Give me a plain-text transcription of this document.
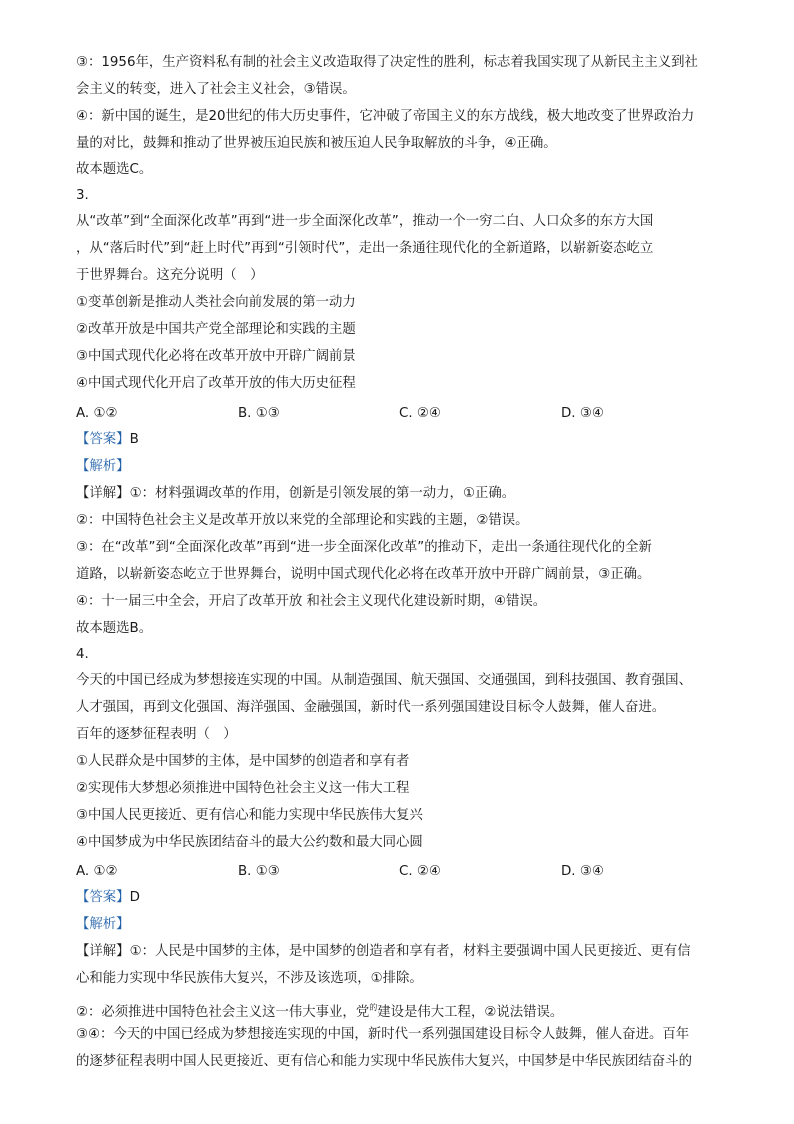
③：1956年，生产资料私有制的社会主义改造取得了决定性的胜利，标志着我国实现了从新民主主义到社
会主义的转变，进入了社会主义社会，③错误。
④：新中国的诞生，是20世纪的伟大历史事件，它冲破了帝国主义的东方战线，极大地改变了世界政治力
量的对比，鼓舞和推动了世界被压迫民族和被压迫人民争取解放的斗争，④正确。
故本题选C。
3.
从“改革”到“全面深化改革”再到“进一步全面深化改革”，推动一个一穷二白、人口众多的东方大国
，从“落后时代”到“赶上时代”再到“引领时代”，走出一条通往现代化的全新道路，以崭新姿态屹立
于世界舞台。这充分说明（　）
①变革创新是推动人类社会向前发展的第一动力
②改革开放是中国共产党全部理论和实践的主题
③中国式现代化必将在改革开放中开辟广阔前景
④中国式现代化开启了改革开放的伟大历史征程
A. ①②	B. ①③	C. ②④	D. ③④
【答案】B
【解析】
【详解】①：材料强调改革的作用，创新是引领发展的第一动力，①正确。
②：中国特色社会主义是改革开放以来党的全部理论和实践的主题，②错误。
③：在“改革”到“全面深化改革”再到“进一步全面深化改革”的推动下，走出一条通往现代化的全新
道路，以崭新姿态屹立于世界舞台，说明中国式现代化必将在改革开放中开辟广阔前景，③正确。
④：十一届三中全会，开启了改革开放 和社会主义现代化建设新时期，④错误。
故本题选B。
4.
今天的中国已经成为梦想接连实现的中国。从制造强国、航天强国、交通强国，到科技强国、教育强国、
人才强国，再到文化强国、海洋强国、金融强国，新时代一系列强国建设目标令人鼓舞，催人奋进。
百年的逐梦征程表明（　）
①人民群众是中国梦的主体，是中国梦的创造者和享有者
②实现伟大梦想必须推进中国特色社会主义这一伟大工程
③中国人民更接近、更有信心和能力实现中华民族伟大复兴
④中国梦成为中华民族团结奋斗的最大公约数和最大同心圆
A. ①②	B. ①③	C. ②④	D. ③④
【答案】D
【解析】
【详解】①：人民是中国梦的主体，是中国梦的创造者和享有者，材料主要强调中国人民更接近、更有信
心和能力实现中华民族伟大复兴，不涉及该选项，①排除。
②：必须推进中国特色社会主义这一伟大事业，党$^的$建设是伟大工程，②说法错误。
③④：今天的中国已经成为梦想接连实现的中国，新时代一系列强国建设目标令人鼓舞，催人奋进。百年
的逐梦征程表明中国人民更接近、更有信心和能力实现中华民族伟大复兴，中国梦是中华民族团结奋斗的
